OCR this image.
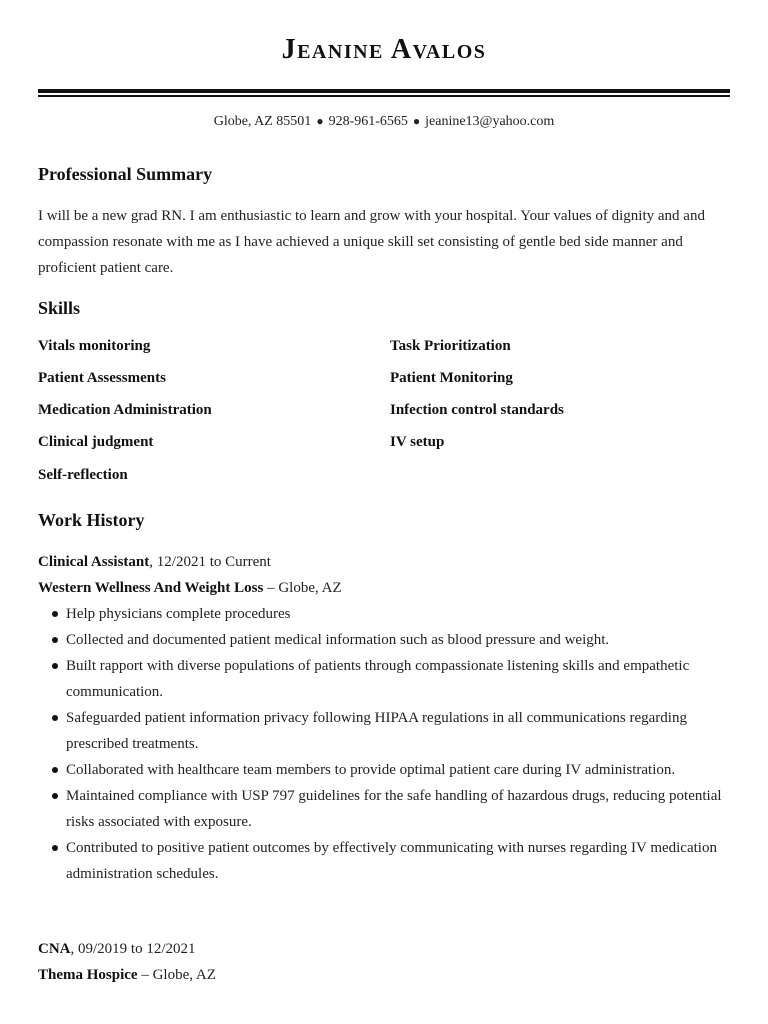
Jeanine Avalos
Globe, AZ 85501 ● 928-961-6565 ● jeanine13@yahoo.com
Professional Summary
I will be a new grad RN. I am enthusiastic to learn and grow with your hospital. Your values of dignity and and compassion resonate with me as I have achieved a unique skill set consisting of gentle bed side manner and proficient patient care.
Skills
Vitals monitoring	Task Prioritization
Patient Assessments	Patient Monitoring
Medication Administration	Infection control standards
Clinical judgment	IV setup
Self-reflection
Work History
Clinical Assistant, 12/2021 to Current
Western Wellness And Weight Loss – Globe, AZ
Help physicians complete procedures
Collected and documented patient medical information such as blood pressure and weight.
Built rapport with diverse populations of patients through compassionate listening skills and empathetic communication.
Safeguarded patient information privacy following HIPAA regulations in all communications regarding prescribed treatments.
Collaborated with healthcare team members to provide optimal patient care during IV administration.
Maintained compliance with USP 797 guidelines for the safe handling of hazardous drugs, reducing potential risks associated with exposure.
Contributed to positive patient outcomes by effectively communicating with nurses regarding IV medication administration schedules.
CNA, 09/2019 to 12/2021
Thema Hospice – Globe, AZ
